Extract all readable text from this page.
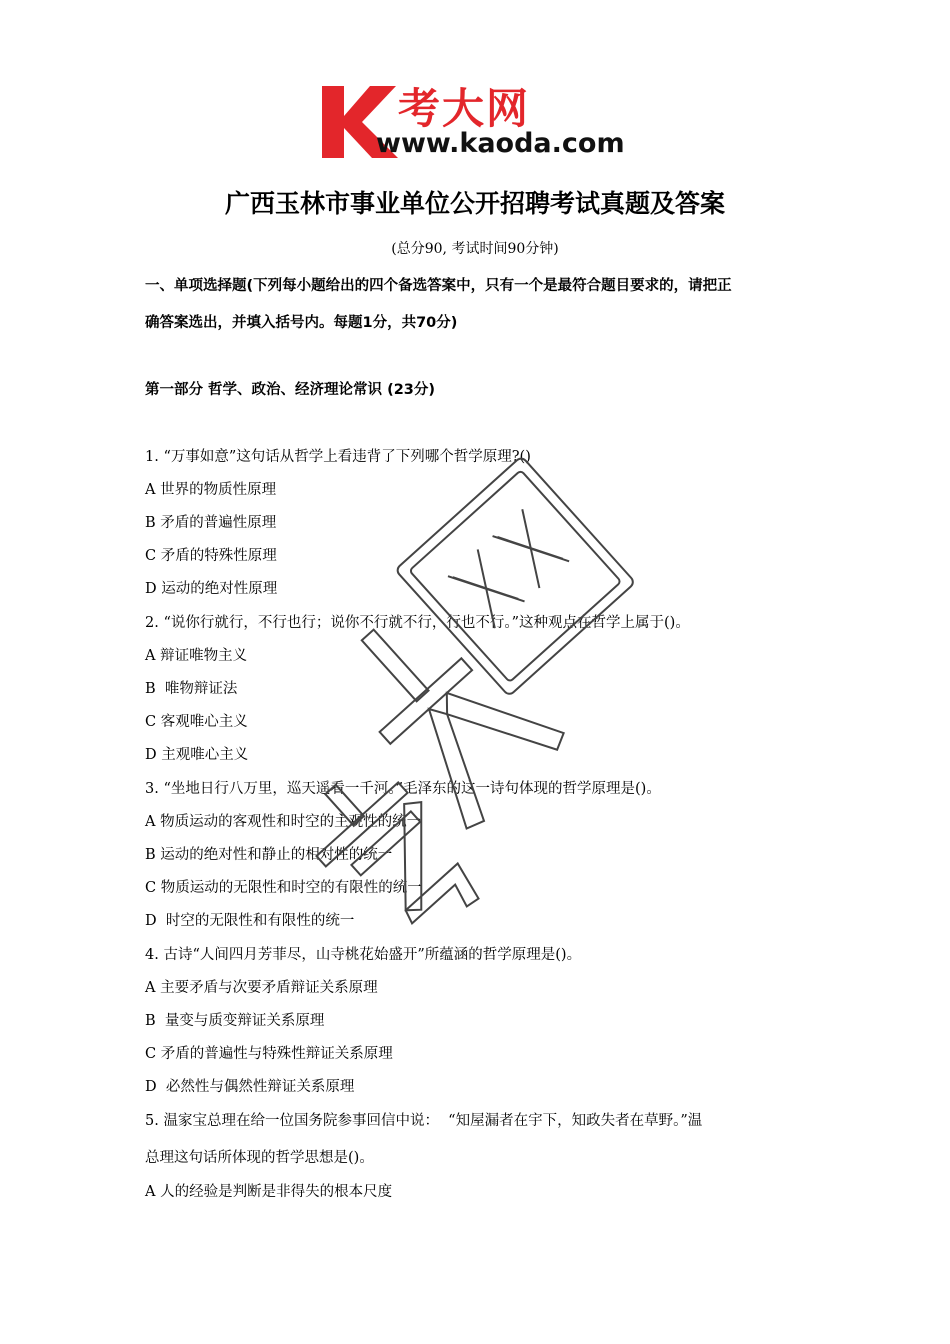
考大网
www.kaoda.com
广西玉林市事业单位公开招聘考试真题及答案
(总分90, 考试时间90分钟)
一、单项选择题(下列每小题给出的四个备选答案中，只有一个是最符合题目要求的，请把正
确答案选出，并填入括号内。每题1分，共70分)
第一部分 哲学、政治、经济理论常识 (23分)
1. “万事如意”这句话从哲学上看违背了下列哪个哲学原理?()
A 世界的物质性原理
B 矛盾的普遍性原理
C 矛盾的特殊性原理
D 运动的绝对性原理
2. “说你行就行，不行也行；说你不行就不行，行也不行。”这种观点在哲学上属于()。
A 辩证唯物主义
B  唯物辩证法
C 客观唯心主义
D 主观唯心主义
3. “坐地日行八万里，巡天遥看一千河。”毛泽东的这一诗句体现的哲学原理是()。
A 物质运动的客观性和时空的主观性的统一
B 运动的绝对性和静止的相对性的统一
C 物质运动的无限性和时空的有限性的统一
D  时空的无限性和有限性的统一
4. 古诗“人间四月芳菲尽，山寺桃花始盛开”所蕴涵的哲学原理是()。
A 主要矛盾与次要矛盾辩证关系原理
B  量变与质变辩证关系原理
C 矛盾的普遍性与特殊性辩证关系原理
D  必然性与偶然性辩证关系原理
5. 温家宝总理在给一位国务院参事回信中说：  “知屋漏者在宇下，知政失者在草野。”温
总理这句话所体现的哲学思想是()。
A 人的经验是判断是非得失的根本尺度
